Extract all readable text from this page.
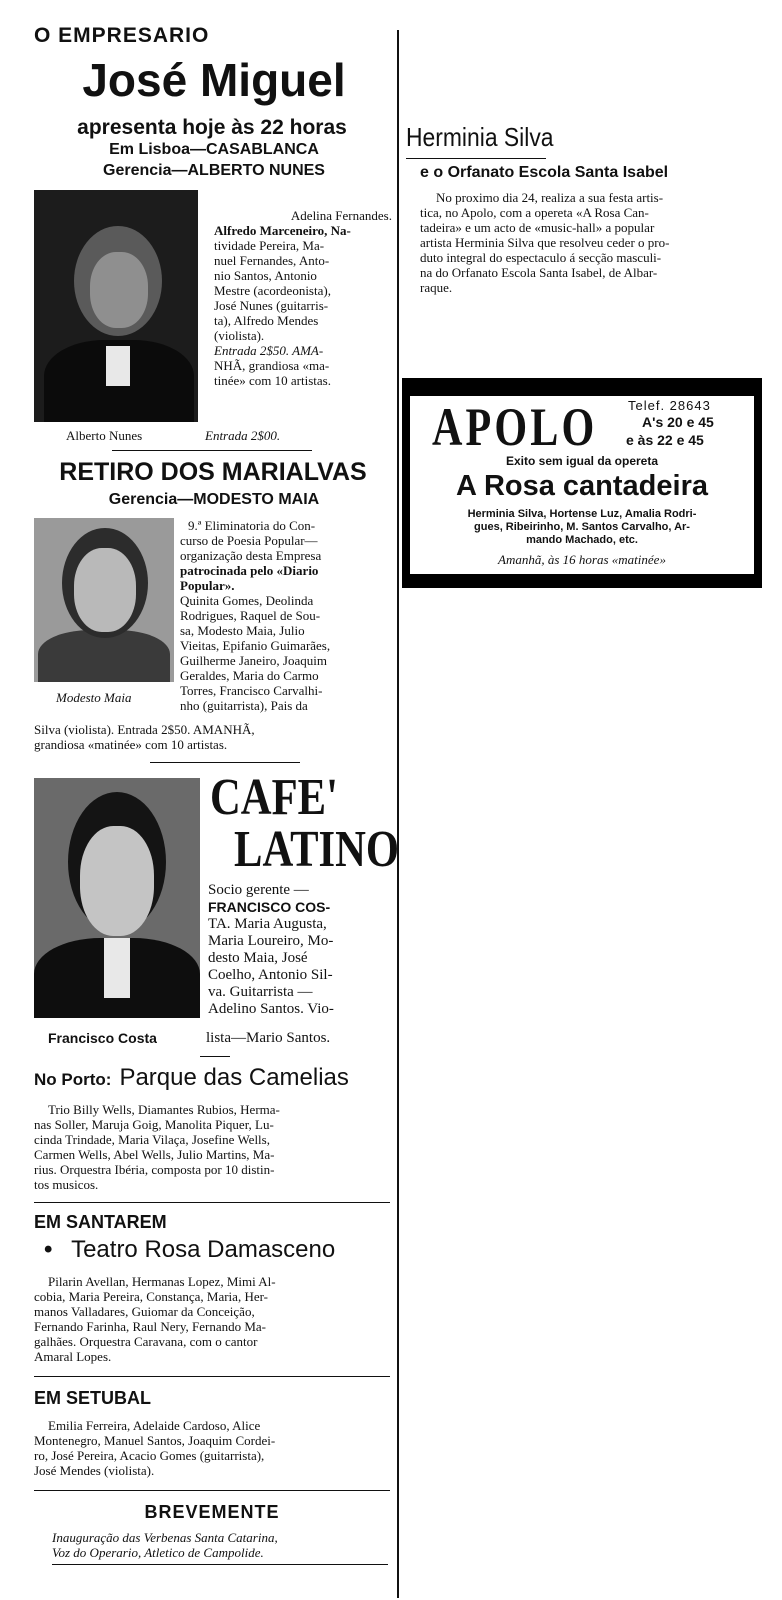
O EMPRESARIO
José Miguel
apresenta hoje às 22 horas
Em Lisboa—CASABLANCA
Gerencia—ALBERTO NUNES
Alberto Nunes	Entrada 2$00.
Adelina Fernandes.
Alfredo Marceneiro, Na-
tividade Pereira, Ma-
nuel Fernandes, Anto-
nio Santos, Antonio
Mestre (acordeonista),
José Nunes (guitarris-
ta), Alfredo Mendes
(violista).
Entrada 2$50. AMA-
NHÃ, grandiosa «ma-
tinée» com 10 artistas.
RETIRO DOS MARIALVAS
Gerencia—MODESTO MAIA
Modesto Maia
9.ª Eliminatoria do Con-
curso de Poesia Popular—
organização desta Empresa
patrocinada pelo «Diario
Popular».
Quinita Gomes, Deolinda
Rodrigues, Raquel de Sou-
sa, Modesto Maia, Julio
Vieitas, Epifanio Guimarães,
Guilherme Janeiro, Joaquim
Geraldes, Maria do Carmo
Torres, Francisco Carvalhi-
nho (guitarrista), Pais da
Silva (violista). Entrada 2$50. AMANHÃ,
grandiosa «matinée» com 10 artistas.
Francisco Costa
CAFE'
LATINO
Socio gerente —
FRANCISCO COS-
TA. Maria Augusta,
Maria Loureiro, Mo-
desto Maia, José
Coelho, Antonio Sil-
va. Guitarrista —
Adelino Santos. Vio-
lista—Mario Santos.
No Porto: Parque das Camelias
Trio Billy Wells, Diamantes Rubios, Herma-
nas Soller, Maruja Goig, Manolita Piquer, Lu-
cinda Trindade, Maria Vilaça, Josefine Wells,
Carmen Wells, Abel Wells, Julio Martins, Ma-
rius. Orquestra Ibéria, composta por 10 distin-
tos musicos.
EM SANTAREM
• Teatro Rosa Damasceno
Pilarin Avellan, Hermanas Lopez, Mimi Al-
cobia, Maria Pereira, Constança, Maria, Her-
manos Valladares, Guiomar da Conceição,
Fernando Farinha, Raul Nery, Fernando Ma-
galhães. Orquestra Caravana, com o cantor
Amaral Lopes.
EM SETUBAL
Emilia Ferreira, Adelaide Cardoso, Alice
Montenegro, Manuel Santos, Joaquim Cordei-
ro, José Pereira, Acacio Gomes (guitarrista),
José Mendes (violista).
BREVEMENTE
Inauguração das Verbenas Santa Catarina,
Voz do Operario, Atletico de Campolide.
Herminia Silva
e o Orfanato Escola Santa Isabel
No proximo dia 24, realiza a sua festa artis-
tica, no Apolo, com a opereta «A Rosa Can-
tadeira» e um acto de «music-hall» a popular
artista Herminia Silva que resolveu ceder o pro-
duto integral do espectaculo á secção masculi-
na do Orfanato Escola Santa Isabel, de Albar-
raque.
APOLO Telef. 28643
A's 20 e 45
e às 22 e 45
Exito sem igual da opereta
A Rosa cantadeira
Herminia Silva, Hortense Luz, Amalia Rodri-
gues, Ribeirinho, M. Santos Carvalho, Ar-
mando Machado, etc.
Amanhã, às 16 horas «matinée»
